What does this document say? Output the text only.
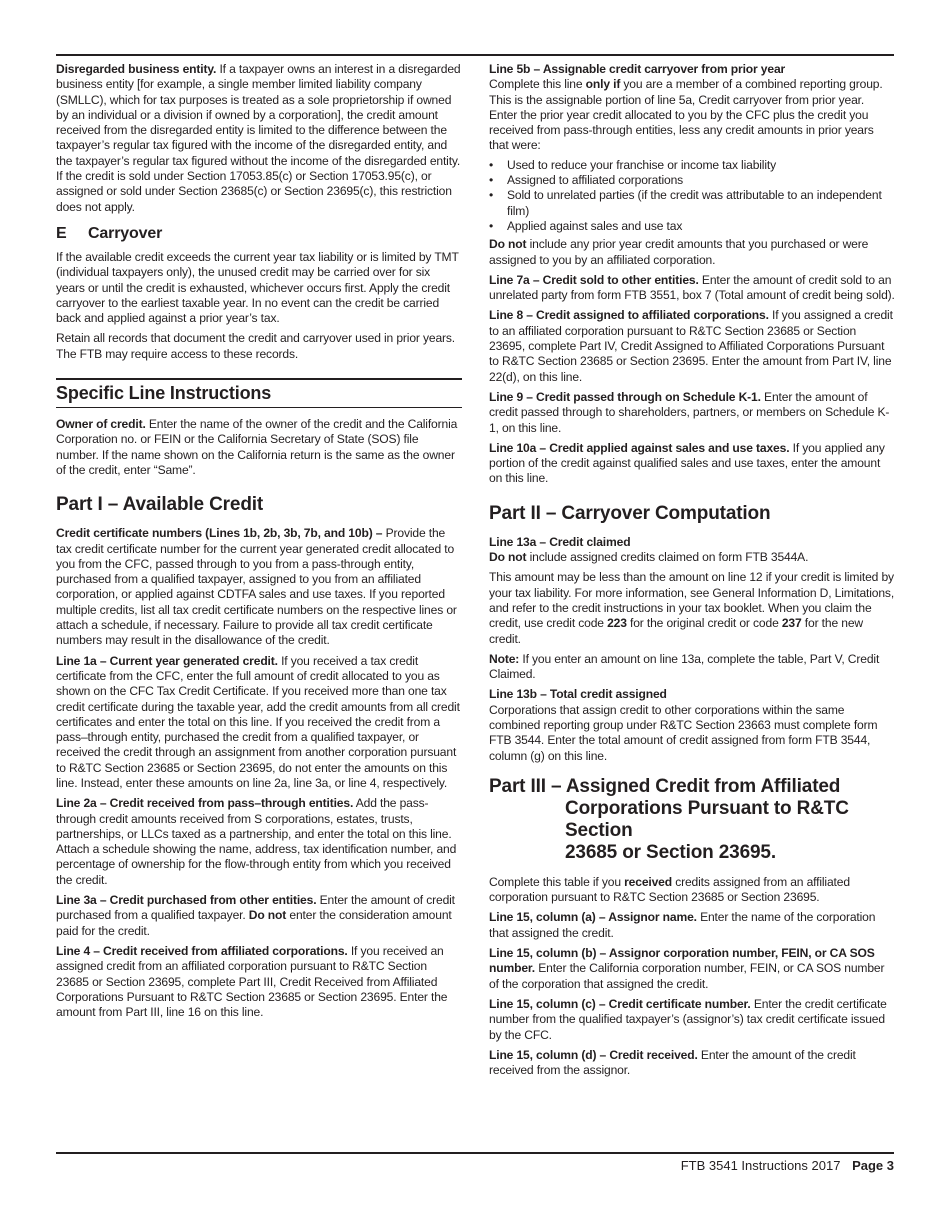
Disregarded business entity. If a taxpayer owns an interest in a disregarded business entity [for example, a single member limited liability company (SMLLC), which for tax purposes is treated as a sole proprietorship if owned by an individual or a division if owned by a corporation], the credit amount received from the disregarded entity is limited to the difference between the taxpayer’s regular tax figured with the income of the disregarded entity, and the taxpayer’s regular tax figured without the income of the disregarded entity. If the credit is sold under Section 17053.85(c) or Section 17053.95(c), or assigned or sold under Section 23685(c) or Section 23695(c), this restriction does not apply.

E Carryover

If the available credit exceeds the current year tax liability or is limited by TMT (individual taxpayers only), the unused credit may be carried over for six years or until the credit is exhausted, whichever occurs first. Apply the credit carryover to the earliest taxable year. In no event can the credit be carried back and applied against a prior year’s tax.

Retain all records that document the credit and carryover used in prior years. The FTB may require access to these records.

Specific Line Instructions

Owner of credit. Enter the name of the owner of the credit and the California Corporation no. or FEIN or the California Secretary of State (SOS) file number. If the name shown on the California return is the same as the owner of the credit, enter “Same”.

Part I – Available Credit

Credit certificate numbers (Lines 1b, 2b, 3b, 7b, and 10b) – Provide the tax credit certificate number for the current year generated credit allocated to you from the CFC, passed through to you from a pass-through entity, purchased from a qualified taxpayer, assigned to you from an affiliated corporation, or applied against CDTFA sales and use taxes. If you reported multiple credits, list all tax credit certificate numbers on the respective lines or attach a schedule, if necessary. Failure to provide all tax credit certificate numbers may result in the disallowance of the credit.

Line 1a – Current year generated credit. If you received a tax credit certificate from the CFC, enter the full amount of credit allocated to you as shown on the CFC Tax Credit Certificate. If you received more than one tax credit certificate during the taxable year, add the credit amounts from all credit certificates and enter the total on this line. If you received the credit from a pass–through entity, purchased the credit from a qualified taxpayer, or received the credit through an assignment from another corporation pursuant to R&TC Section 23685 or Section 23695, do not enter the amounts on this line. Instead, enter these amounts on line 2a, line 3a, or line 4, respectively.

Line 2a – Credit received from pass–through entities. Add the pass-through credit amounts received from S corporations, estates, trusts, partnerships, or LLCs taxed as a partnership, and enter the total on this line. Attach a schedule showing the name, address, tax identification number, and percentage of ownership for the flow-through entity from which you received the credit.

Line 3a – Credit purchased from other entities. Enter the amount of credit purchased from a qualified taxpayer. Do not enter the consideration amount paid for the credit.

Line 4 – Credit received from affiliated corporations. If you received an assigned credit from an affiliated corporation pursuant to R&TC Section 23685 or Section 23695, complete Part III, Credit Received from Affiliated Corporations Pursuant to R&TC Section 23685 or Section 23695. Enter the amount from Part III, line 16 on this line.

Line 5b – Assignable credit carryover from prior year
Complete this line only if you are a member of a combined reporting group. This is the assignable portion of line 5a, Credit carryover from prior year. Enter the prior year credit allocated to you by the CFC plus the credit you received from pass-through entities, less any credit amounts in prior years that were:

• Used to reduce your franchise or income tax liability
• Assigned to affiliated corporations
• Sold to unrelated parties (if the credit was attributable to an independent film)
• Applied against sales and use tax

Do not include any prior year credit amounts that you purchased or were assigned to you by an affiliated corporation.

Line 7a – Credit sold to other entities. Enter the amount of credit sold to an unrelated party from form FTB 3551, box 7 (Total amount of credit being sold).

Line 8 – Credit assigned to affiliated corporations. If you assigned a credit to an affiliated corporation pursuant to R&TC Section 23685 or Section 23695, complete Part IV, Credit Assigned to Affiliated Corporations Pursuant to R&TC Section 23685 or Section 23695. Enter the amount from Part IV, line 22(d), on this line.

Line 9 – Credit passed through on Schedule K-1. Enter the amount of credit passed through to shareholders, partners, or members on Schedule K-1, on this line.

Line 10a – Credit applied against sales and use taxes. If you applied any portion of the credit against qualified sales and use taxes, enter the amount on this line.

Part II – Carryover Computation

Line 13a – Credit claimed
Do not include assigned credits claimed on form FTB 3544A.

This amount may be less than the amount on line 12 if your credit is limited by your tax liability. For more information, see General Information D, Limitations, and refer to the credit instructions in your tax booklet. When you claim the credit, use credit code 223 for the original credit or code 237 for the new credit.

Note: If you enter an amount on line 13a, complete the table, Part V, Credit Claimed.

Line 13b – Total credit assigned
Corporations that assign credit to other corporations within the same combined reporting group under R&TC Section 23663 must complete form FTB 3544. Enter the total amount of credit assigned from form FTB 3544, column (g) on this line.

Part III – Assigned Credit from Affiliated
Corporations Pursuant to R&TC Section
23685 or Section 23695.

Complete this table if you received credits assigned from an affiliated corporation pursuant to R&TC Section 23685 or Section 23695.

Line 15, column (a) – Assignor name. Enter the name of the corporation that assigned the credit.

Line 15, column (b) – Assignor corporation number, FEIN, or CA SOS number. Enter the California corporation number, FEIN, or CA SOS number of the corporation that assigned the credit.

Line 15, column (c) – Credit certificate number. Enter the credit certificate number from the qualified taxpayer’s (assignor’s) tax credit certificate issued by the CFC.

Line 15, column (d) – Credit received. Enter the amount of the credit received from the assignor.

FTB 3541 Instructions 2017 Page 3
